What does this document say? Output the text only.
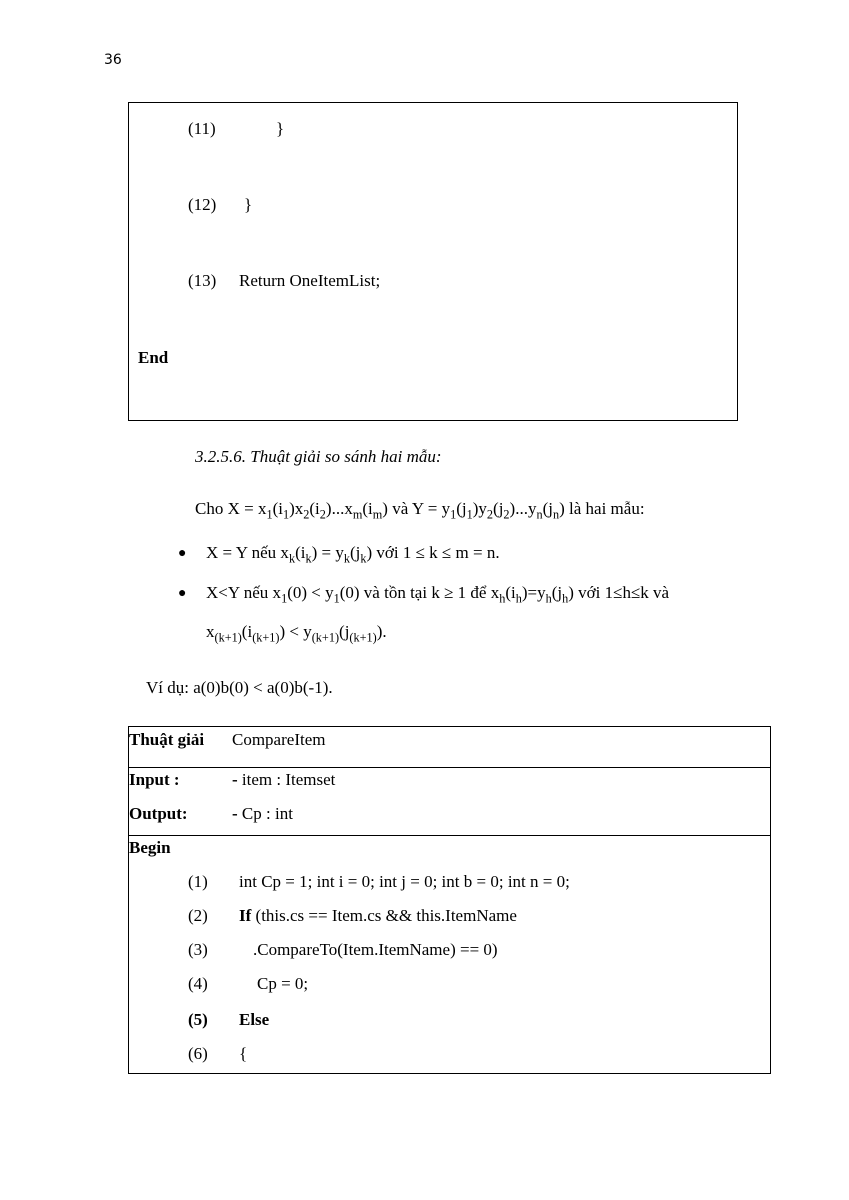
36
(11)	}
(12) }
(13) Return OneItemList;
End
3.2.5.6. Thuật giải so sánh hai mẫu:
Cho $X = x_1(i_1)x_2(i_2)...x_m(i_m)$ và $Y = y_1(j_1)y_2(j_2)...y_n(j_n)$ là hai mẫu:
● X = Y nếu $x_k(i_k) = y_k(j_k)$ với 1 ≤ k ≤ m = n.
● X<Y nếu $x_1(0) < y_1(0)$ và tồn tại k ≥ 1 để $x_h(i_h)=y_h(j_h)$ với 1≤h≤k và
$x_{(k+1)}(i_{(k+1)}) < y_{(k+1)}(j_{(k+1)})$.
Ví dụ: a(0)b(0) < a(0)b(-1).
Thuật giải CompareItem
Input :	- item : Itemset
Output:	- Cp : int
Begin
(1) int Cp = 1; int i = 0; int j = 0; int b = 0; int n = 0;
(2) If (this.cs == Item.cs && this.ItemName
(3)	.CompareTo(Item.ItemName) == 0)
(4)	Cp = 0;
(5) Else
(6) {
